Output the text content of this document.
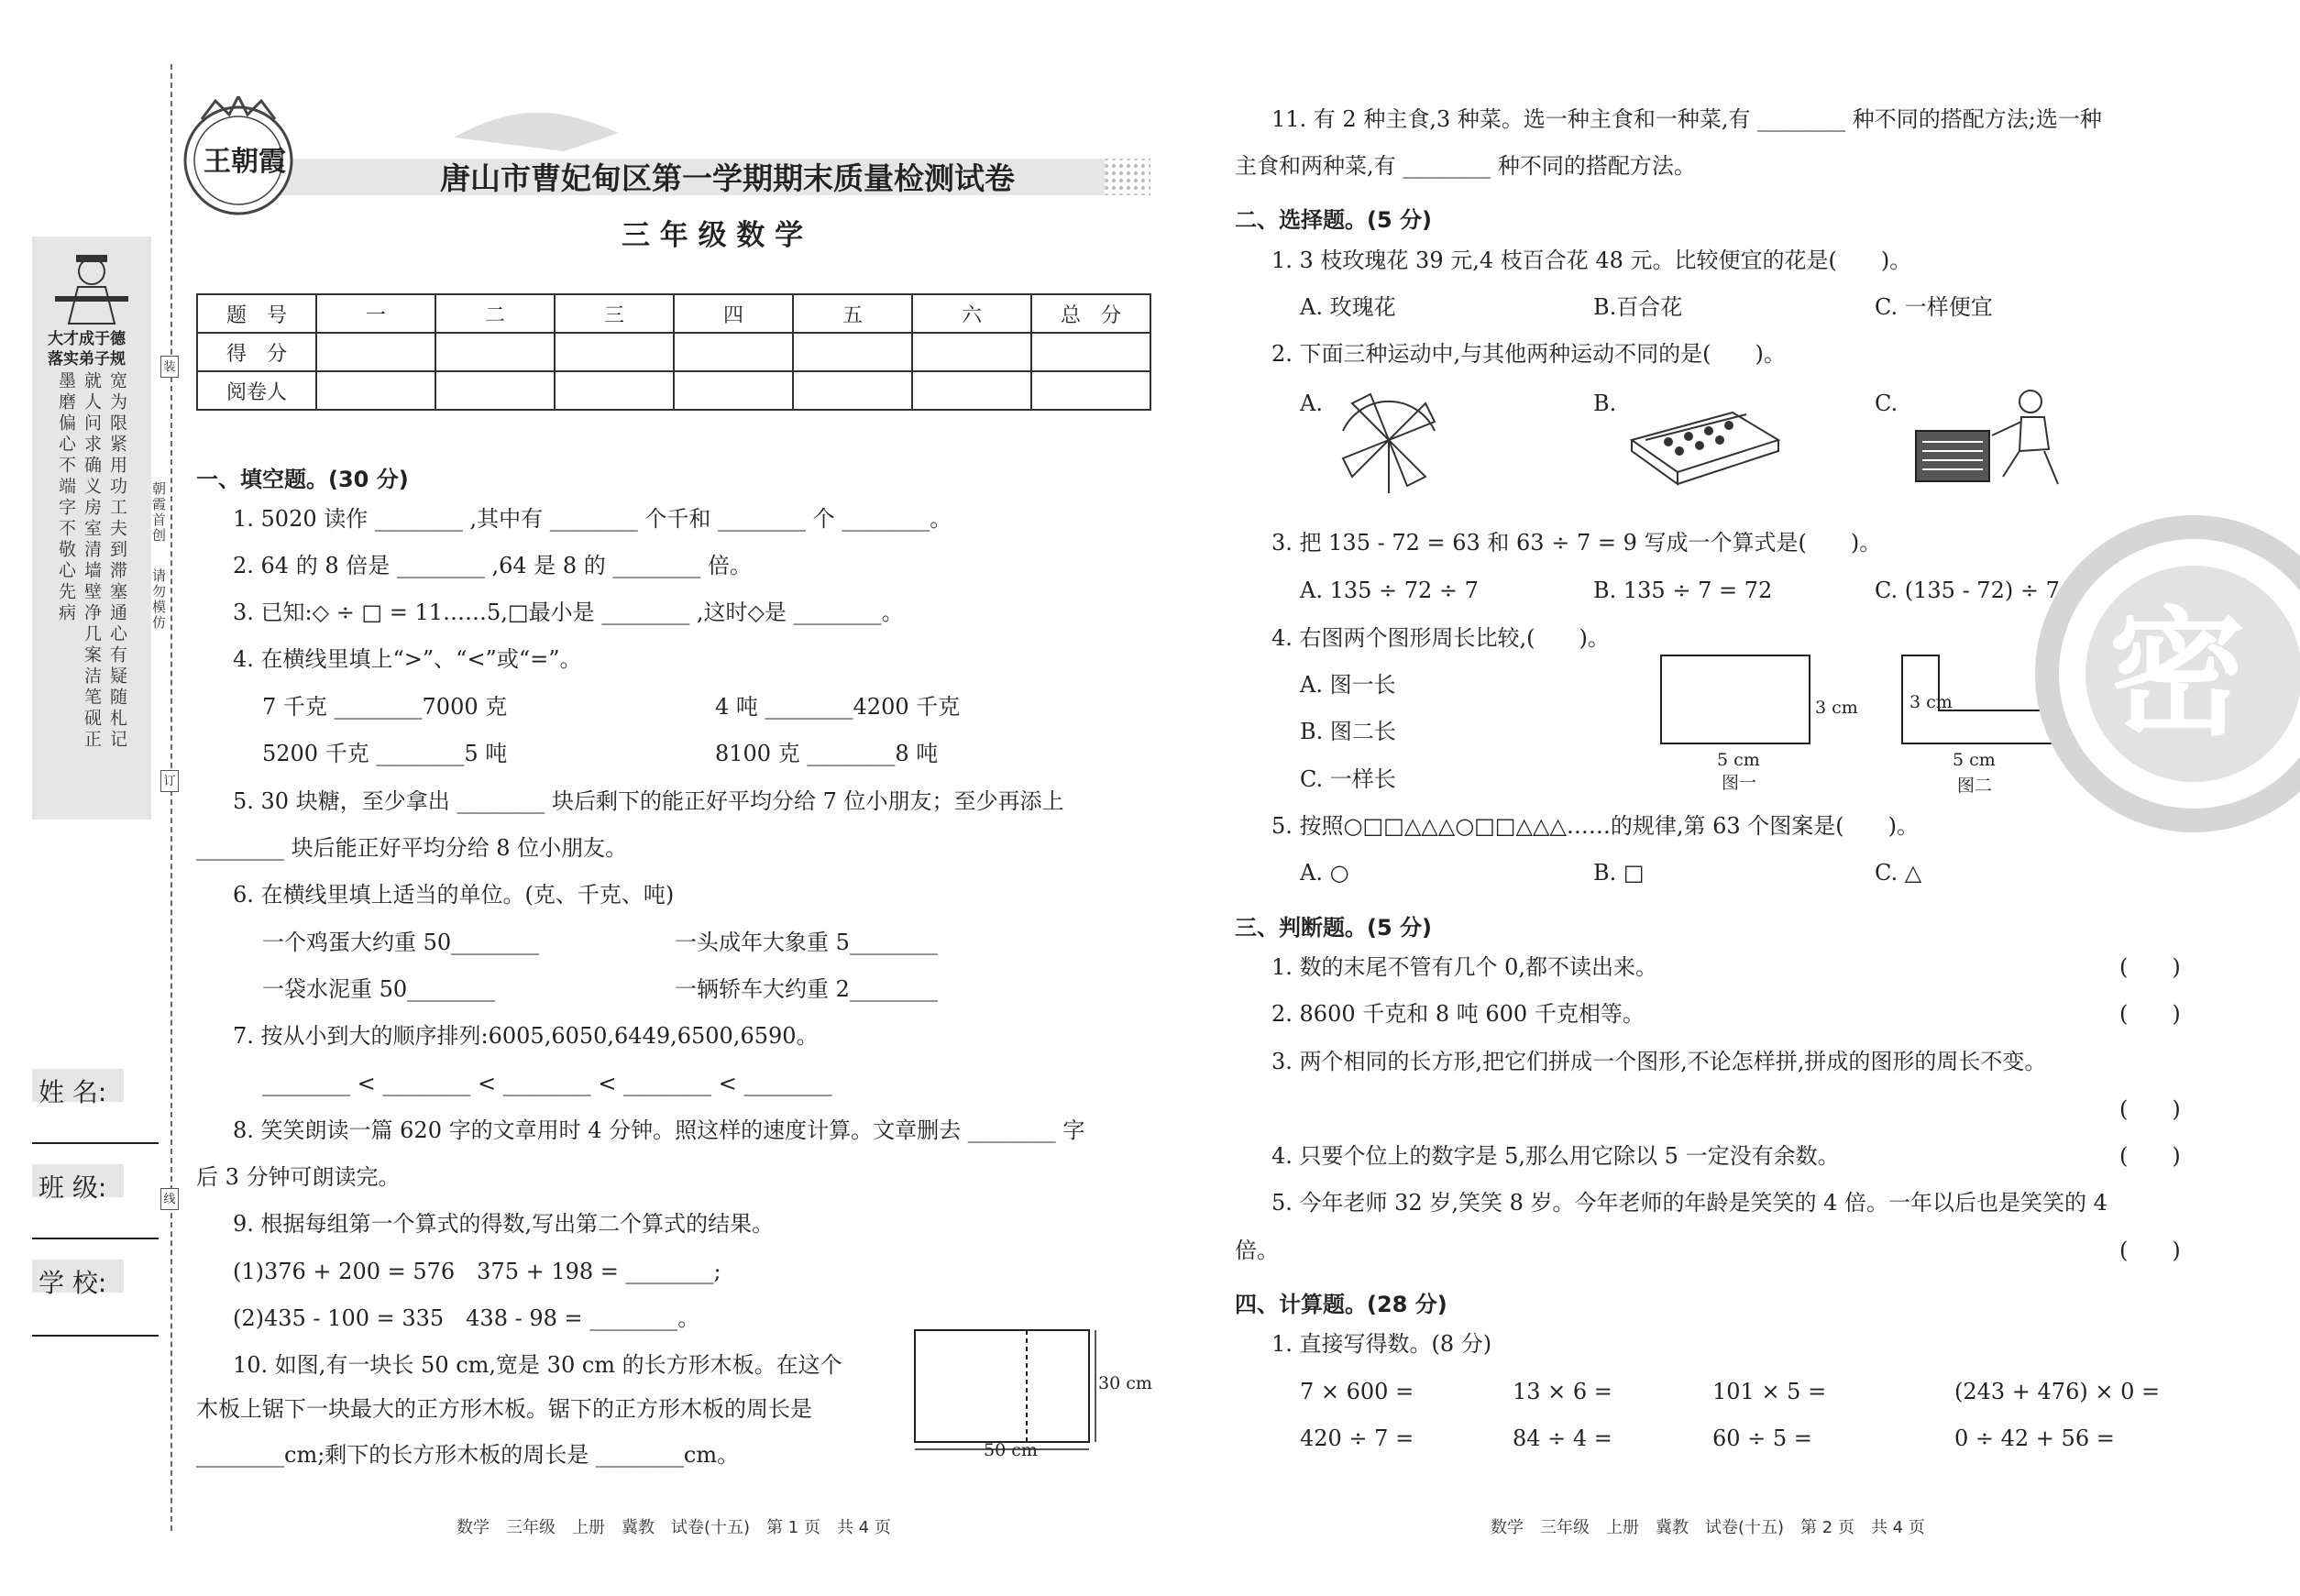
大才成于德
落实弟子规
墨磨偏心不端字不敬心先病 就人问求确义房室清墙壁净几案洁笔砚正 宽为限紧用功工夫到滞塞通心有疑随札记
装
订
线
朝霞首创
请勿模仿
姓 名:
班 级:
学 校:
王朝霞	唐山市曹妃甸区第一学期期末质量检测试卷
三 年 级 数 学
题　号	一	二	三	四	五	六	总　分
得　分							
阅卷人							
一、填空题。(30 分)
1. 5020 读作 ________ ,其中有 ________ 个千和 ________ 个 ________。
2. 64 的 8 倍是 ________ ,64 是 8 的 ________ 倍。
3. 已知:◇ ÷ □ = 11……5,□最小是 ________ ,这时◇是 ________。
4. 在横线里填上“>”、“<”或“=”。
7 千克 ________7000 克	4 吨 ________4200 千克
5200 千克 ________5 吨	8100 克 ________8 吨
5. 30 块糖，至少拿出 ________ 块后剩下的能正好平均分给 7 位小朋友；至少再添上
________ 块后能正好平均分给 8 位小朋友。
6. 在横线里填上适当的单位。(克、千克、吨)
一个鸡蛋大约重 50________	一头成年大象重 5________
一袋水泥重 50________	一辆轿车大约重 2________
7. 按从小到大的顺序排列:6005,6050,6449,6500,6590。
________ < ________ < ________ < ________ < ________
8. 笑笑朗读一篇 620 字的文章用时 4 分钟。照这样的速度计算。文章删去 ________ 字
后 3 分钟可朗读完。
9. 根据每组第一个算式的得数,写出第二个算式的结果。
(1)376 + 200 = 576　375 + 198 = ________;
(2)435 - 100 = 335　438 - 98 = ________。
10. 如图,有一块长 50 cm,宽是 30 cm 的长方形木板。在这个
木板上锯下一块最大的正方形木板。锯下的正方形木板的周长是
________cm;剩下的长方形木板的周长是 ________cm。
30 cm
50 cm
数学　三年级　上册　冀教　试卷(十五)　第 1 页　共 4 页
11. 有 2 种主食,3 种菜。选一种主食和一种菜,有 ________ 种不同的搭配方法;选一种
主食和两种菜,有 ________ 种不同的搭配方法。
二、选择题。(5 分)
1. 3 枝玫瑰花 39 元,4 枝百合花 48 元。比较便宜的花是(　　)。
A. 玫瑰花	B.百合花	C. 一样便宜
2. 下面三种运动中,与其他两种运动不同的是(　　)。
A.	B.	C.
3. 把 135 - 72 = 63 和 63 ÷ 7 = 9 写成一个算式是(　　)。
A. 135 ÷ 72 ÷ 7	B. 135 ÷ 7 = 72	C. (135 - 72) ÷ 7
4. 右图两个图形周长比较,(　　)。
A. 图一长
B. 图二长
C. 一样长
3 cm
5 cm
图一
3 cm
5 cm
图二
5. 按照○□□△△△○□□△△△……的规律,第 63 个图案是(　　)。
A. ○	B. □	C. △
三、判断题。(5 分)
1. 数的末尾不管有几个 0,都不读出来。	(　　)
2. 8600 千克和 8 吨 600 千克相等。	(　　)
3. 两个相同的长方形,把它们拼成一个图形,不论怎样拼,拼成的图形的周长不变。
(　　)
4. 只要个位上的数字是 5,那么用它除以 5 一定没有余数。	(　　)
5. 今年老师 32 岁,笑笑 8 岁。今年老师的年龄是笑笑的 4 倍。一年以后也是笑笑的 4
倍。	(　　)
四、计算题。(28 分)
1. 直接写得数。(8 分)
7 × 600 =	13 × 6 =	101 × 5 =	(243 + 476) × 0 =
420 ÷ 7 =	84 ÷ 4 =	60 ÷ 5 =	0 ÷ 42 + 56 =
密
数学　三年级　上册　冀教　试卷(十五)　第 2 页　共 4 页
